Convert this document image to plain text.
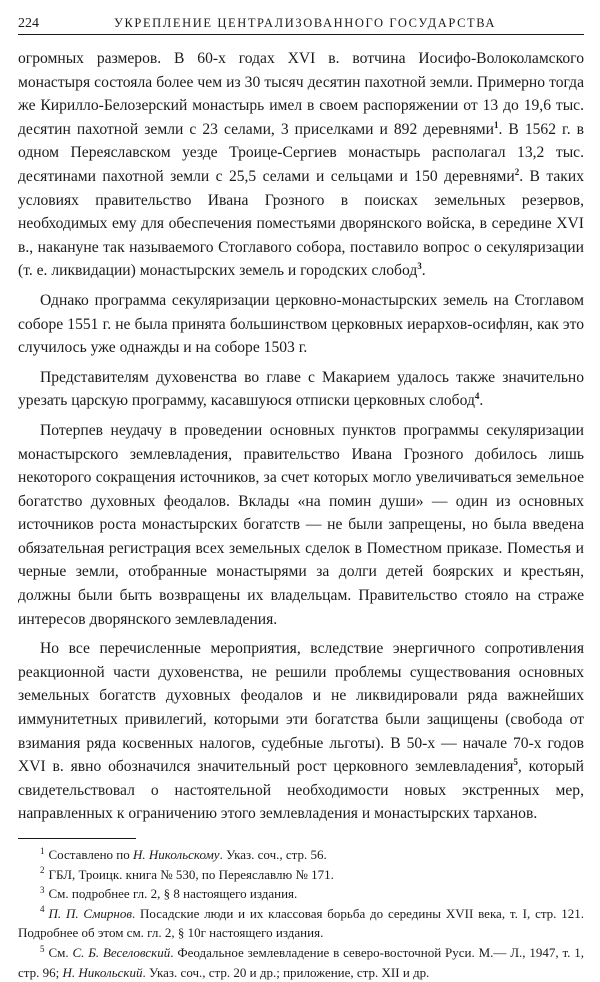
224	УКРЕПЛЕНИЕ ЦЕНТРАЛИЗОВАННОГО ГОСУДАРСТВА

огромных размеров. В 60-х годах XVI в. вотчина Иосифо-Волоколамского монастыря состояла более чем из 30 тысяч десятин пахотной земли. Примерно тогда же Кирилло-Белозерский монастырь имел в своем распоряжении от 13 до 19,6 тыс. десятин пахотной земли с 23 селами, 3 приселками и 892 деревнями$^1$. В 1562 г. в одном Переяславском уезде Троице-Сергиев монастырь располагал 13,2 тыс. десятинами пахотной земли с 25,5 селами и сельцами и 150 деревнями$^2$. В таких условиях правительство Ивана Грозного в поисках земельных резервов, необходимых ему для обеспечения поместьями дворянского войска, в середине XVI в., накануне так называемого Стоглавого собора, поставило вопрос о секуляризации (т. е. ликвидации) монастырских земель и городских слобод$^3$.

Однако программа секуляризации церковно-монастырских земель на Стоглавом соборе 1551 г. не была принята большинством церковных иерархов-осифлян, как это случилось уже однажды и на соборе 1503 г.

Представителям духовенства во главе с Макарием удалось также значительно урезать царскую программу, касавшуюся отписки церковных слобод$^4$.

Потерпев неудачу в проведении основных пунктов программы секуляризации монастырского землевладения, правительство Ивана Грозного добилось лишь некоторого сокращения источников, за счет которых могло увеличиваться земельное богатство духовных феодалов. Вклады «на помин души» — один из основных источников роста монастырских богатств — не были запрещены, но была введена обязательная регистрация всех земельных сделок в Поместном приказе. Поместья и черные земли, отобранные монастырями за долги детей боярских и крестьян, должны были быть возвращены их владельцам. Правительство стояло на страже интересов дворянского землевладения.

Но все перечисленные мероприятия, вследствие энергичного сопротивления реакционной части духовенства, не решили проблемы существования основных земельных богатств духовных феодалов и не ликвидировали ряда важнейших иммунитетных привилегий, которыми эти богатства были защищены (свобода от взимания ряда косвенных налогов, судебные льготы). В 50-х — начале 70-х годов XVI в. явно обозначился значительный рост церковного землевладения$^5$, который свидетельствовал о настоятельной необходимости новых экстренных мер, направленных к ограничению этого землевладения и монастырских тарханов.

$^1$ Составлено по Н. Никольскому. Указ. соч., стр. 56.

$^2$ ГБЛ, Троицк. книга № 530, по Переяславлю № 171.

$^3$ См. подробнее гл. 2, § 8 настоящего издания.

$^4$ П. П. Смирнов. Посадские люди и их классовая борьба до середины XVII века, т. I, стр. 121. Подробнее об этом см. гл. 2, § 10г настоящего издания.

$^5$ См. С. Б. Веселовский. Феодальное землевладение в северо-восточной Руси. М.— Л., 1947, т. 1, стр. 96; Н. Никольский. Указ. соч., стр. 20 и др.; приложение, стр. XII и др.
